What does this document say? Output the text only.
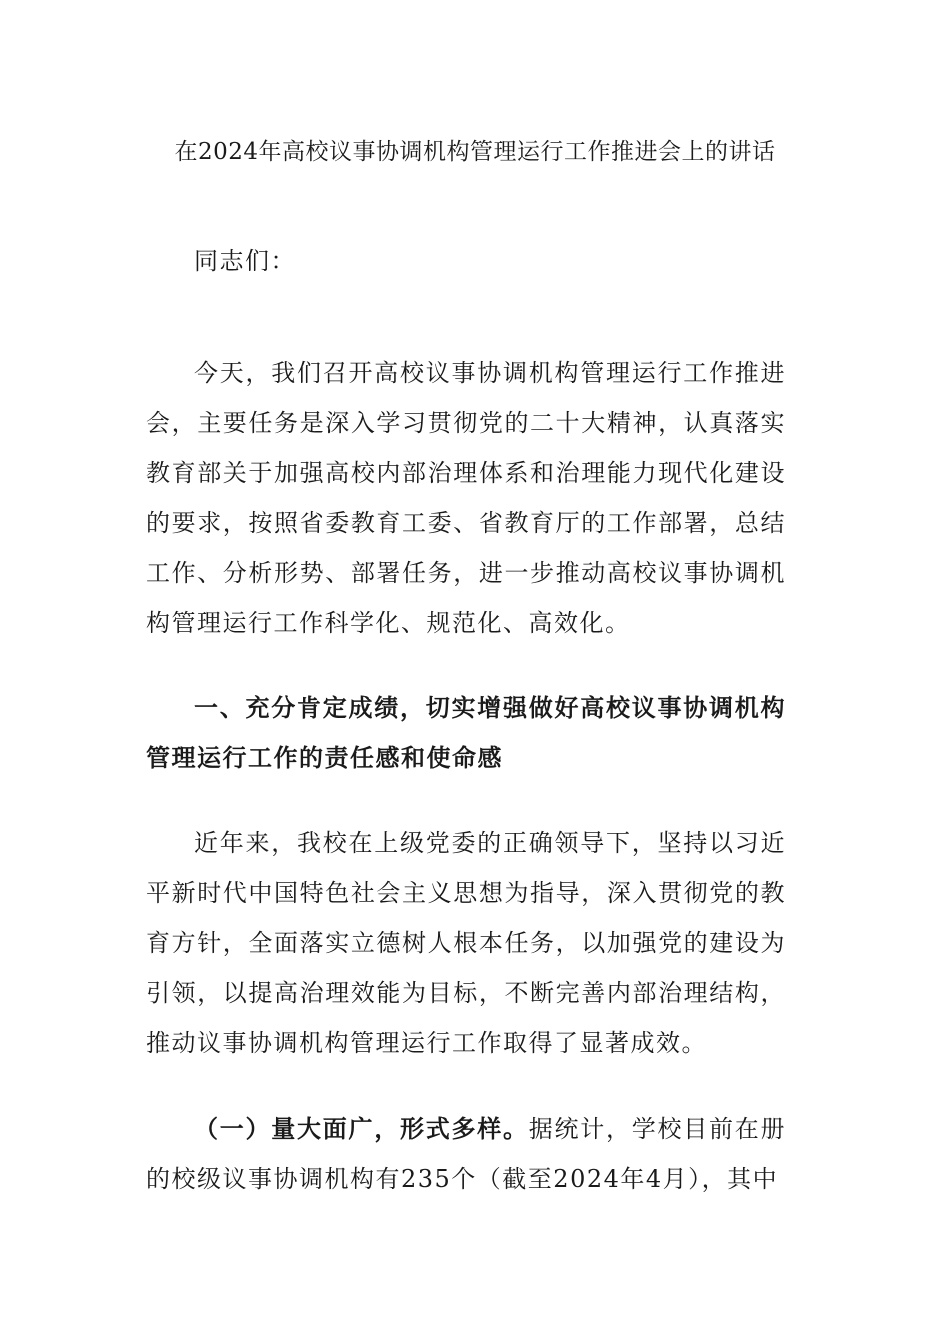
在2024年高校议事协调机构管理运行工作推进会上的讲话
同志们：
今天，我们召开高校议事协调机构管理运行工作推进会，主要任务是深入学习贯彻党的二十大精神，认真落实教育部关于加强高校内部治理体系和治理能力现代化建设的要求，按照省委教育工委、省教育厅的工作部署，总结工作、分析形势、部署任务，进一步推动高校议事协调机构管理运行工作科学化、规范化、高效化。
一、充分肯定成绩，切实增强做好高校议事协调机构管理运行工作的责任感和使命感
近年来，我校在上级党委的正确领导下，坚持以习近平新时代中国特色社会主义思想为指导，深入贯彻党的教育方针，全面落实立德树人根本任务，以加强党的建设为引领，以提高治理效能为目标，不断完善内部治理结构，推动议事协调机构管理运行工作取得了显著成效。
（一）量大面广，形式多样。据统计，学校目前在册的校级议事协调机构有235个（截至2024年4月），其中
